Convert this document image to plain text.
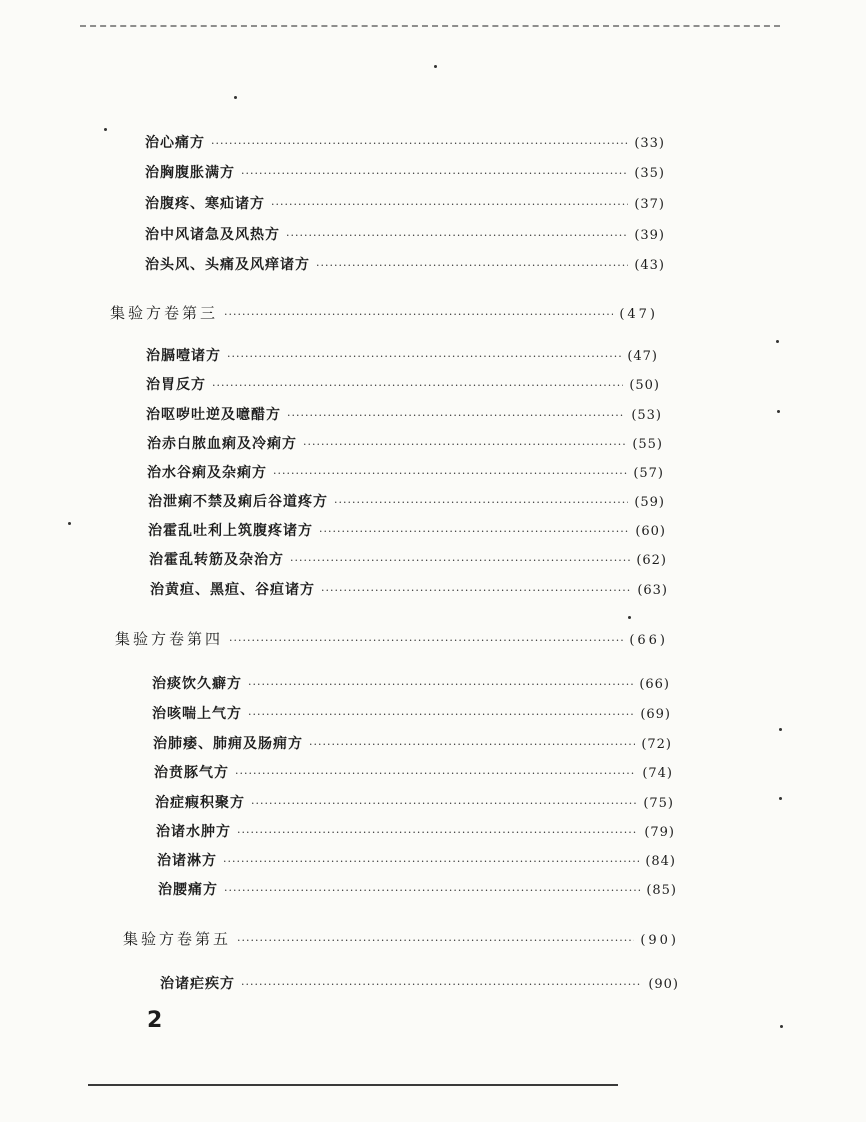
治心痛方 ·····	(33)
治胸腹胀满方 ·····	(35)
治腹疼、寒疝诸方 ·····	(37)
治中风诸急及风热方 ·····	(39)
治头风、头痛及风痒诸方 ·····	(43)
集验方卷第三 ·····	(47)
治膈噎诸方 ·····	(47)
治胃反方 ·····	(50)
治呕哕吐逆及噫醋方 ·····	(53)
治赤白脓血痢及冷痢方 ·····	(55)
治水谷痢及杂痢方 ·····	(57)
治泄痢不禁及痢后谷道疼方 ·····	(59)
治霍乱吐利上筑腹疼诸方 ·····	(60)
治霍乱转筋及杂治方 ·····	(62)
治黄疸、黑疸、谷疸诸方 ·····	(63)
集验方卷第四 ·····	(66)
治痰饮久癖方 ·····	(66)
治咳喘上气方 ·····	(69)
治肺痿、肺痈及肠痈方 ·····	(72)
治贲豚气方 ·····	(74)
治症瘕积聚方 ·····	(75)
治诸水肿方 ·····	(79)
治诸淋方 ·····	(84)
治腰痛方 ·····	(85)
集验方卷第五 ·····	(90)
治诸疟疾方 ·····	(90)
2
